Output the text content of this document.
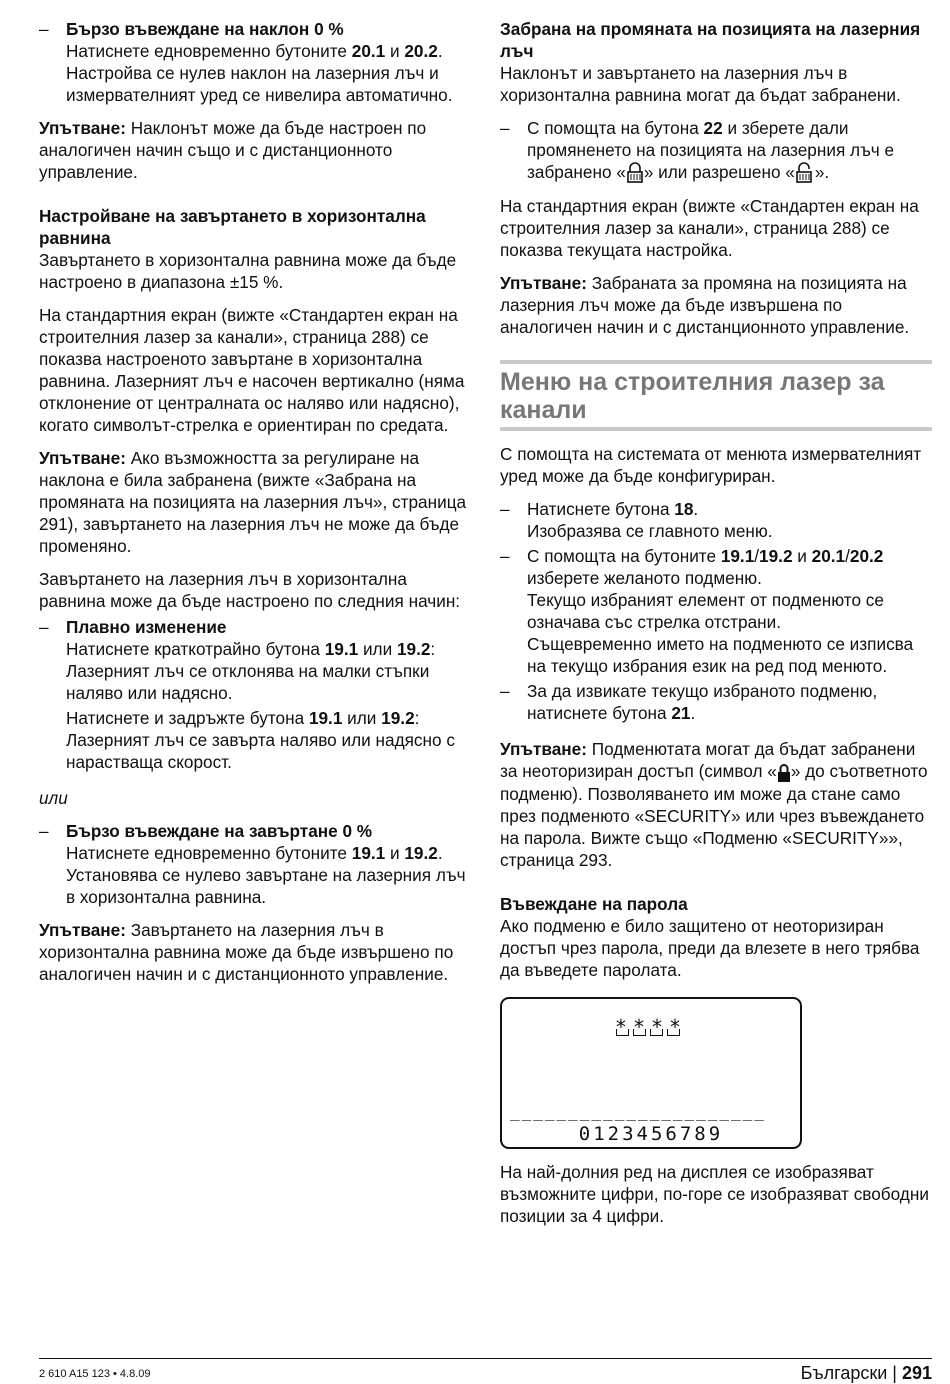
– Бързо въвеждане на наклон 0 %
Натиснете едновременно бутоните 20.1 и 20.2.
Настройва се нулев наклон на лазерния лъч и измервателният уред се нивелира автоматично.

Упътване: Наклонът може да бъде настроен по аналогичен начин също и с дистанционното управление.

Настройване на завъртането в хоризонтална равнина

Завъртането в хоризонтална равнина може да бъде настроено в диапазона ±15 %.

На стандартния екран (вижте «Стандартен екран на строителния лазер за канали», страница 288) се показва настроеното завъртане в хоризонтална равнина. Лазерният лъч е насочен вертикално (няма отклонение от централната ос наляво или надясно), когато символът-стрелка е ориентиран по средата.

Упътване: Ако възможността за регулиране на наклона е била забранена (вижте «Забрана на промяната на позицията на лазерния лъч», страница 291), завъртането на лазерния лъч не може да бъде променяно.

Завъртането на лазерния лъч в хоризонтална равнина може да бъде настроено по следния начин:

– Плавно изменение
Натиснете краткотрайно бутона 19.1 или 19.2:
Лазерният лъч се отклонява на малки стъпки наляво или надясно.
Натиснете и задръжте бутона 19.1 или 19.2:
Лазерният лъч се завърта наляво или надясно с нарастваща скорост.

или

– Бързо въвеждане на завъртане 0 %
Натиснете едновременно бутоните 19.1 и 19.2.
Установява се нулево завъртане на лазерния лъч в хоризонтална равнина.

Упътване: Завъртането на лазерния лъч в хоризонтална равнина може да бъде извършено по аналогичен начин и с дистанционното управление.

Забрана на промяната на позицията на лазерния лъч

Наклонът и завъртането на лазерния лъч в хоризонтална равнина могат да бъдат забранени.

– С помощта на бутона 22 и зберете дали промяненето на позицията на лазерния лъч е забранено « » или разрешено « ».

На стандартния екран (вижте «Стандартен екран на строителния лазер за канали», страница 288) се показва текущата настройка.

Упътване: Забраната за промяна на позицията на лазерния лъч може да бъде извършена по аналогичен начин и с дистанционното управление.

Меню на строителния лазер за канали

С помощта на системата от менюта измервателният уред може да бъде конфигуриран.

– Натиснете бутона 18.
Изобразява се главното меню.
– С помощта на бутоните 19.1/19.2 и 20.1/20.2 изберете желаното подменю.
Текущо избраният елемент от подменюто се означава със стрелка отстрани.
Същевременно името на подменюто се изписва на текущо избрания език на ред под менюто.
– За да извикате текущо избраното подменю, натиснете бутона 21.

Упътване: Подменютата могат да бъдат забранени за неоторизиран достъп (символ « » до съответното подменю). Позволяването им може да стане само през подменюто «SECURITY» или чрез въвеждането на парола. Вижте също «Подменю «SECURITY»», страница 293.

Въвеждане на парола

Ако подменю е било защитено от неоторизиран достъп чрез парола, преди да влезете в него трябва да въведете паролата.

****
______________________
0123456789

На най-долния ред на дисплея се изобразяват възможните цифри, по-горе се изобразяват свободни позиции за 4 цифри.

2 610 A15 123 • 4.8.09	Български | 291
